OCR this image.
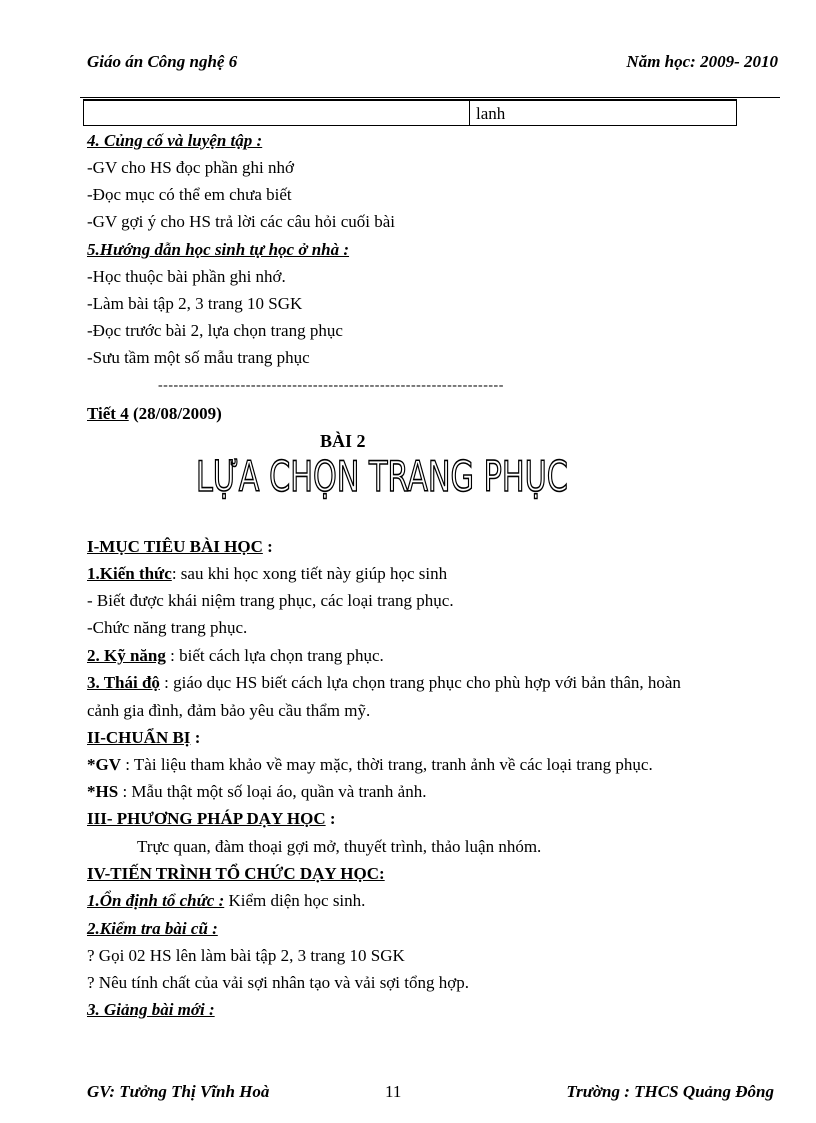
Giáo án Công nghệ 6	Năm học: 2009- 2010
lanh
4. Củng cố và luyện tập :
-GV cho HS đọc phần ghi nhớ
-Đọc mục có thể em chưa biết
-GV gợi ý cho HS trả lời các câu hỏi cuối bài
5.Hướng dẫn học sinh tự học ở nhà :
-Học thuộc bài phần ghi nhớ.
-Làm bài tập 2, 3 trang 10 SGK
-Đọc trước bài 2, lựa chọn trang phục
-Sưu tầm một số mẫu trang phục
-------------------------------------------------------------------
Tiết 4 (28/08/2009)
BÀI 2
LỰA CHỌN TRANG PHỤC
I-MỤC TIÊU BÀI HỌC :
1.Kiến thức: sau khi học xong tiết này giúp học sinh
- Biết được khái niệm trang phục, các loại trang phục.
-Chức năng trang phục.
2. Kỹ năng : biết cách lựa chọn trang phục.
3. Thái độ : giáo dục HS biết cách lựa chọn trang phục cho phù hợp với bản thân, hoàn
cảnh gia đình, đảm bảo yêu cầu thẩm mỹ.
II-CHUẨN BỊ :
*GV : Tài liệu tham khảo về may mặc, thời trang, tranh ảnh về các loại trang phục.
*HS : Mẫu thật một số loại áo, quần và tranh ảnh.
III- PHƯƠNG PHÁP DẠY HỌC :
Trực quan, đàm thoại gợi mở, thuyết trình, thảo luận nhóm.
IV-TIẾN TRÌNH TỔ CHỨC DẠY HỌC:
1.Ổn định tổ chức : Kiểm diện học sinh.
2.Kiểm tra bài cũ :
? Gọi 02 HS lên làm bài tập 2, 3 trang 10 SGK
? Nêu tính chất của vải sợi nhân tạo và vải sợi tổng hợp.
3. Giảng bài mới :
GV: Tưởng Thị Vĩnh Hoà	11	Trường : THCS Quảng Đông
